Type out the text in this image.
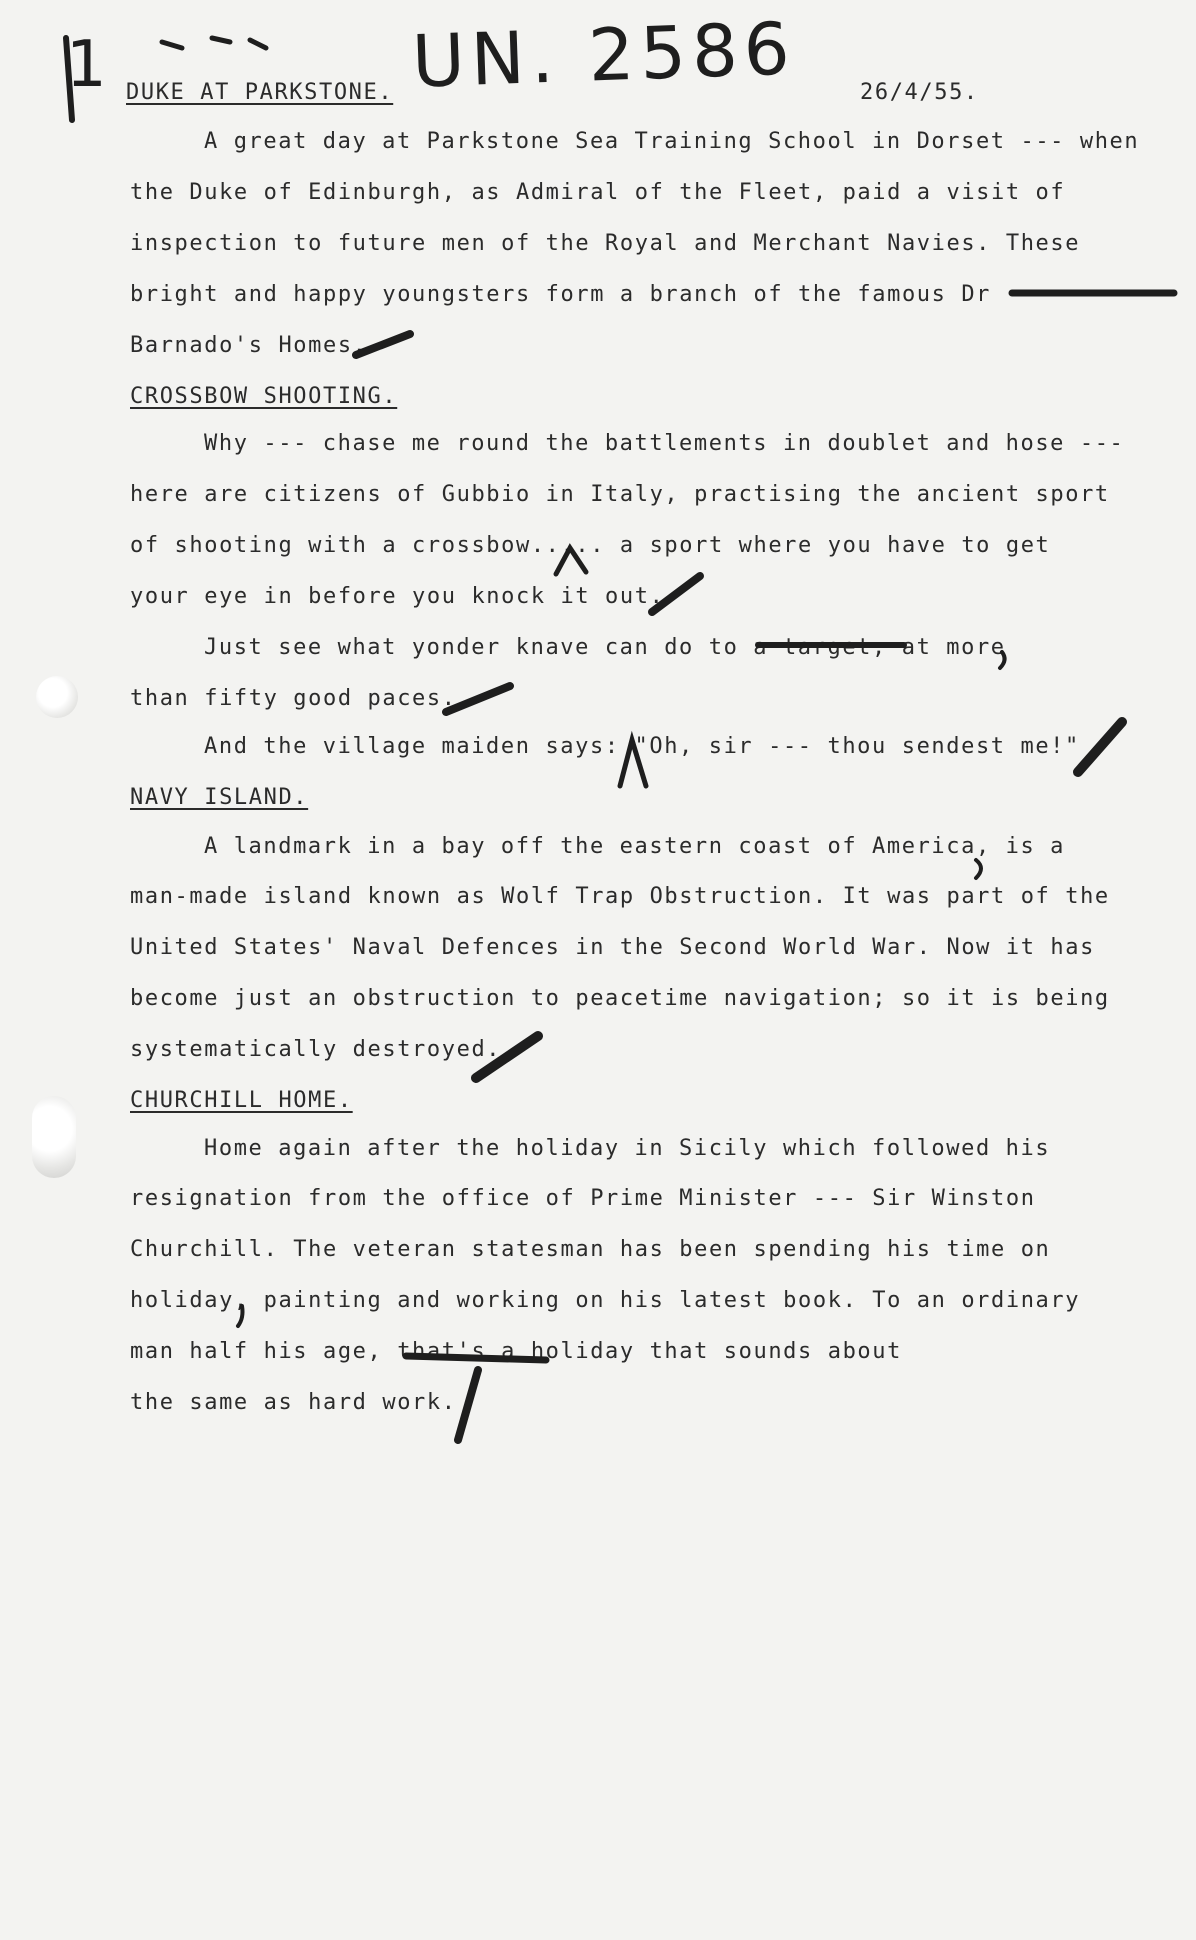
UN. 2586
1 DUKE AT PARKSTONE.	26/4/55.
A great day at Parkstone Sea Training School in Dorset --- when
the Duke of Edinburgh, as Admiral of the Fleet, paid a visit of
inspection to future men of the Royal and Merchant Navies. These
bright and happy youngsters form a branch of the famous Dr
Barnado's Homes.
CROSSBOW SHOOTING.
Why --- chase me round the battlements in doublet and hose ---
here are citizens of Gubbio in Italy, practising the ancient sport
of shooting with a crossbow..... a sport where you have to get
your eye in before you knock it out.
Just see what yonder knave can do to a target, at more
than fifty good paces.
And the village maiden says: "Oh, sir --- thou sendest me!"
NAVY ISLAND.
A landmark in a bay off the eastern coast of America, is a
man-made island known as Wolf Trap Obstruction. It was part of the
United States' Naval Defences in the Second World War. Now it has
become just an obstruction to peacetime navigation; so it is being
systematically destroyed.
CHURCHILL HOME.
Home again after the holiday in Sicily which followed his
resignation from the office of Prime Minister --- Sir Winston
Churchill. The veteran statesman has been spending his time on
holiday, painting and working on his latest book. To an ordinary
man half his age, that's a holiday that sounds about
the same as hard work.
